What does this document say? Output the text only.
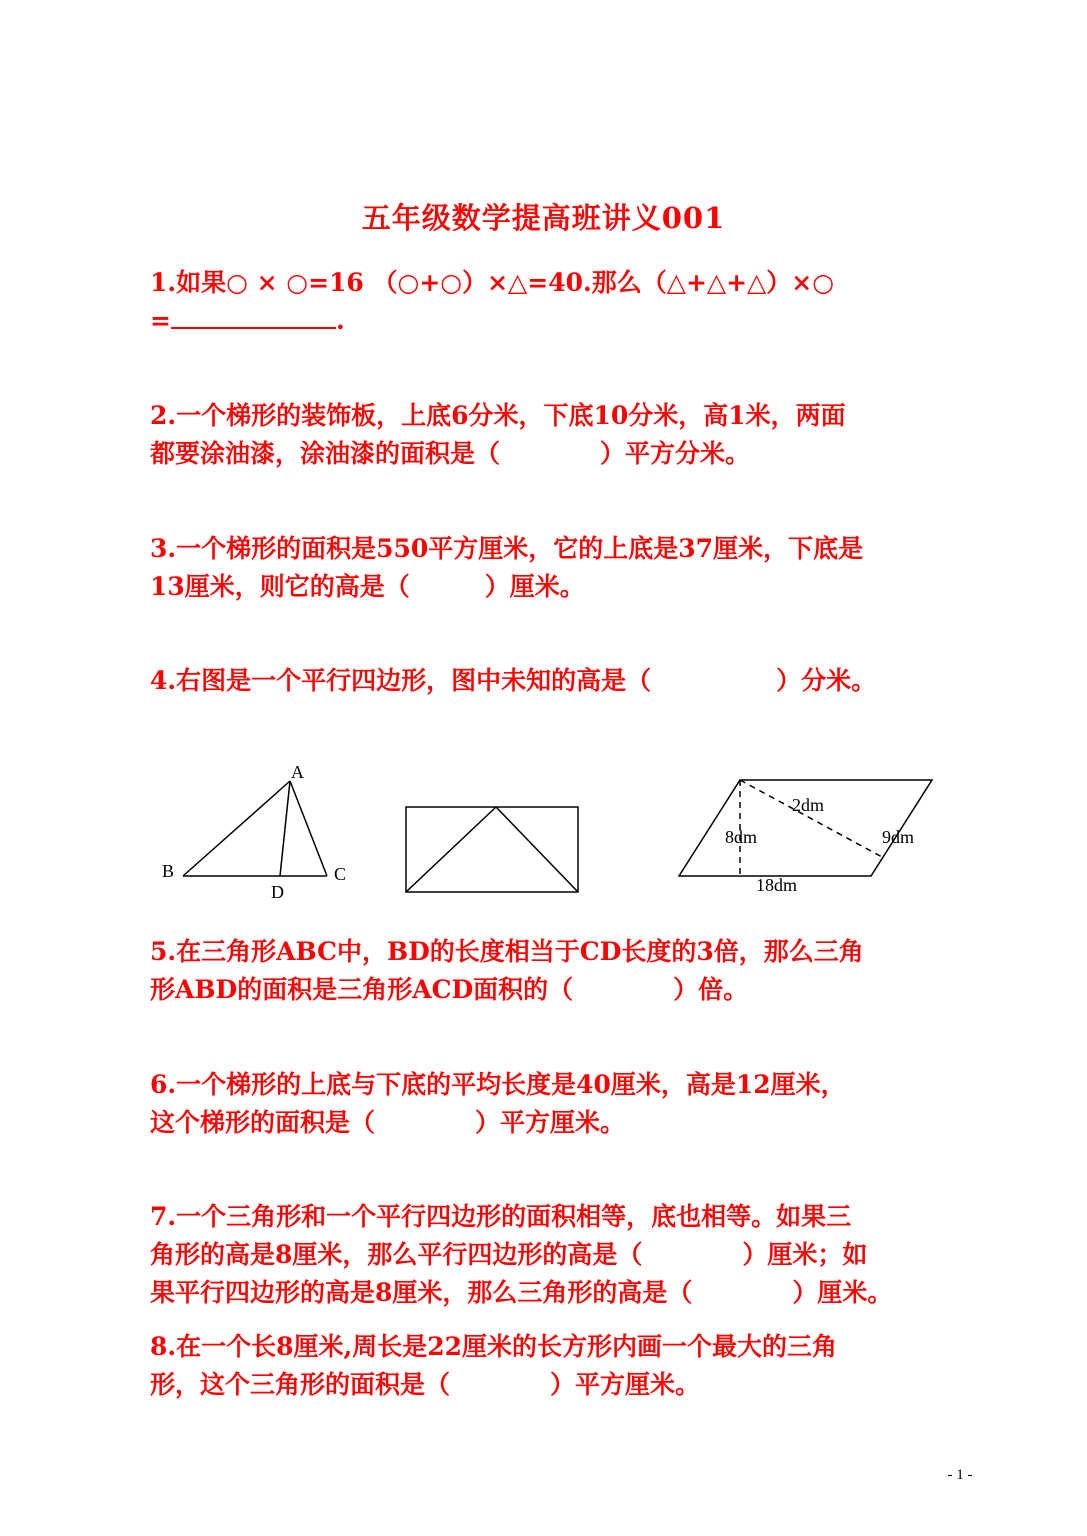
五年级数学提高班讲义001
1.如果○ × ○=16 （○+○）×△=40.那么（△+△+△）×○
=	.
2.一个梯形的装饰板，上底6分米，下底10分米，高1米，两面
都要涂油漆，涂油漆的面积是（　　　　）平方分米。
3.一个梯形的面积是550平方厘米，它的上底是37厘米，下底是
13厘米，则它的高是（　　　）厘米。
4.右图是一个平行四边形，图中未知的高是（　　　　　）分米。
A
B	C
D
2dm
8dm	9dm
18dm
5.在三角形ABC中，BD的长度相当于CD长度的3倍，那么三角
形ABD的面积是三角形ACD面积的（　　　　）倍。
6.一个梯形的上底与下底的平均长度是40厘米，高是12厘米，
这个梯形的面积是（　　　　）平方厘米。
7.一个三角形和一个平行四边形的面积相等，底也相等。如果三
角形的高是8厘米，那么平行四边形的高是（　　　　）厘米；如
果平行四边形的高是8厘米，那么三角形的高是（　　　　）厘米。
8.在一个长8厘米,周长是22厘米的长方形内画一个最大的三角
形，这个三角形的面积是（　　　　）平方厘米。
- 1 -
